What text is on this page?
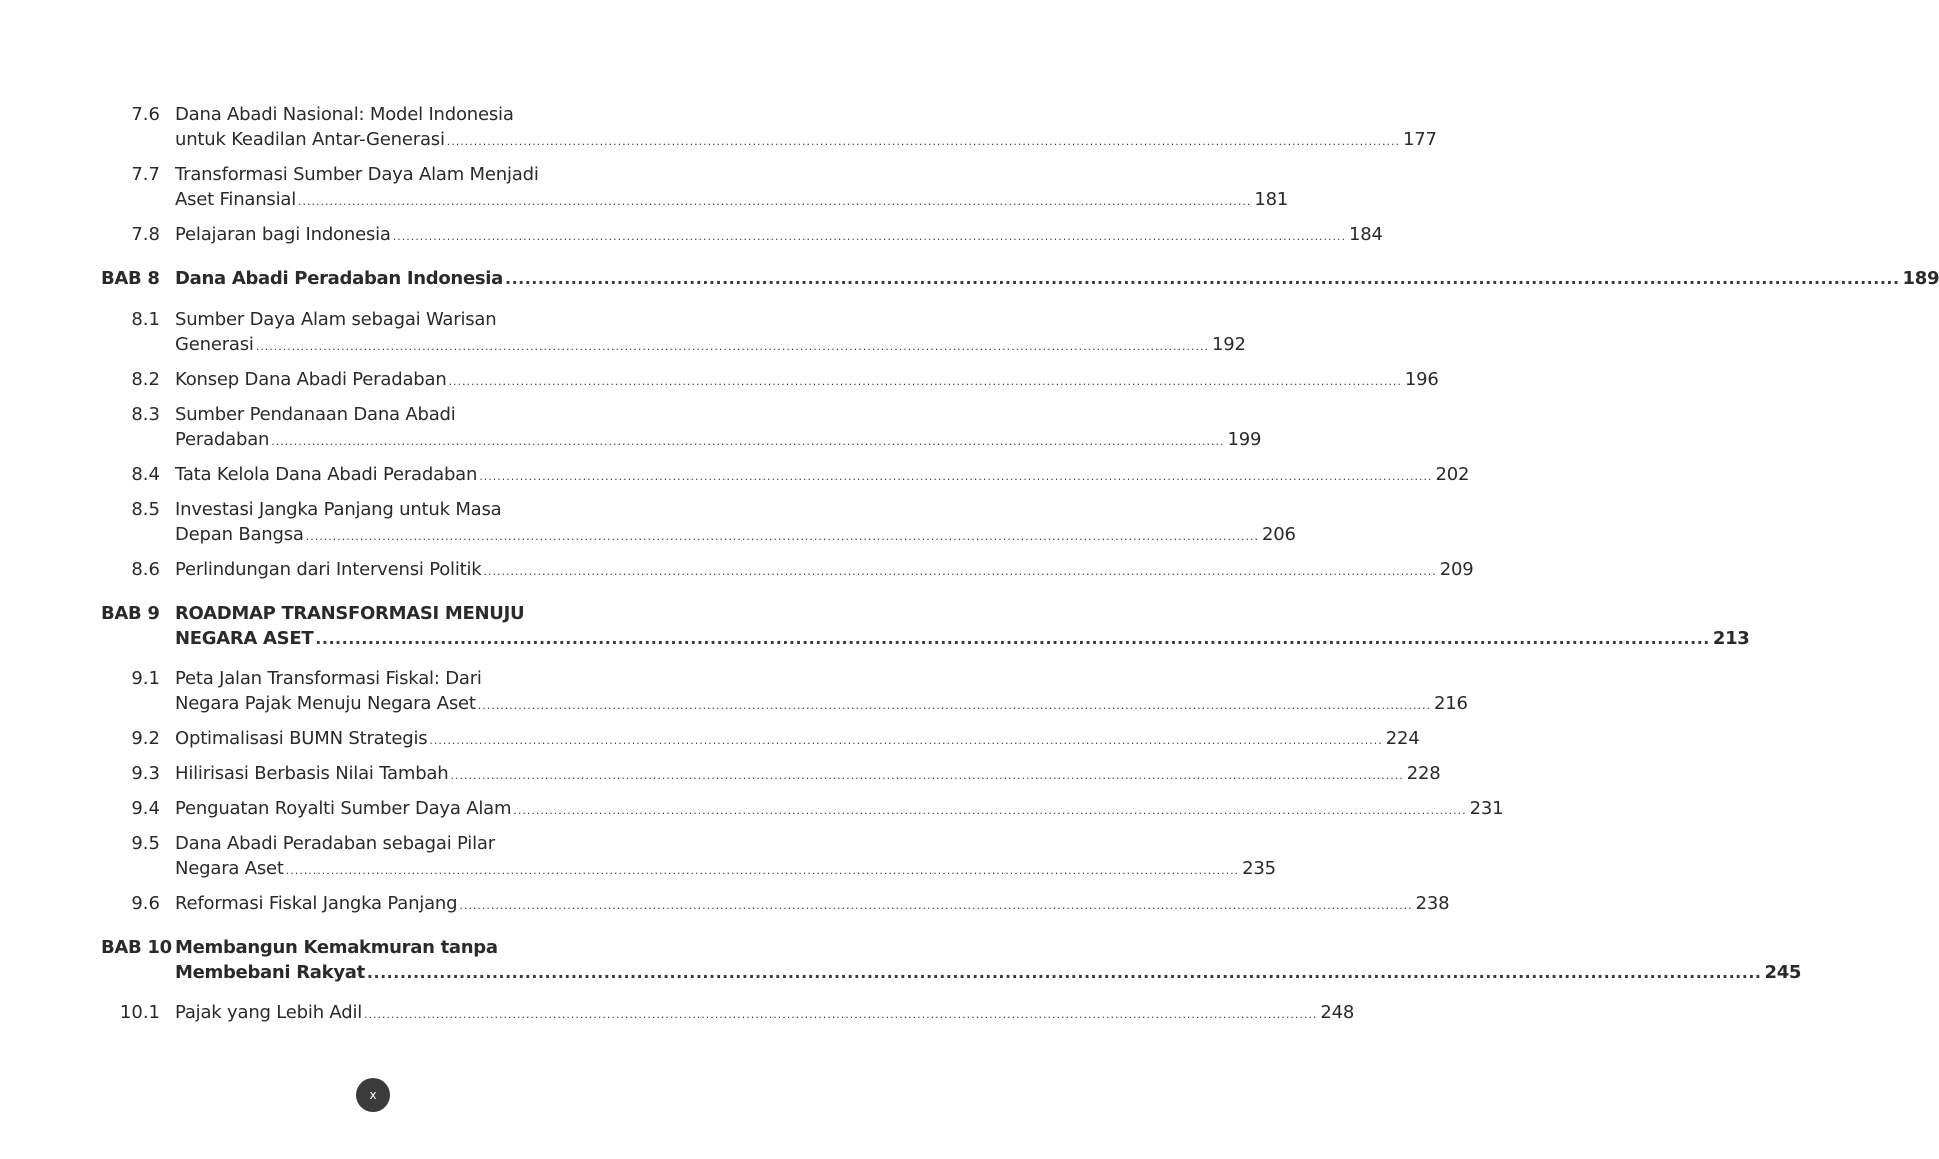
7.6 Dana Abadi Nasional: Model Indonesia
untuk Keadilan Antar-Generasi .................................................................................................................................................................................................................... 177
7.7 Transformasi Sumber Daya Alam Menjadi
Aset Finansial .................................................................................................................................................................................................................... 181
7.8 Pelajaran bagi Indonesia .................................................................................................................................................................................................................... 184
BAB 8 Dana Abadi Peradaban Indonesia .................................................................................................................................................................................................................... 189
8.1 Sumber Daya Alam sebagai Warisan
Generasi .................................................................................................................................................................................................................... 192
8.2 Konsep Dana Abadi Peradaban .................................................................................................................................................................................................................... 196
8.3 Sumber Pendanaan Dana Abadi
Peradaban .................................................................................................................................................................................................................... 199
8.4 Tata Kelola Dana Abadi Peradaban .................................................................................................................................................................................................................... 202
8.5 Investasi Jangka Panjang untuk Masa
Depan Bangsa .................................................................................................................................................................................................................... 206
8.6 Perlindungan dari Intervensi Politik .................................................................................................................................................................................................................... 209
BAB 9 ROADMAP TRANSFORMASI MENUJU
NEGARA ASET .................................................................................................................................................................................................................... 213
9.1 Peta Jalan Transformasi Fiskal: Dari
Negara Pajak Menuju Negara Aset .................................................................................................................................................................................................................... 216
9.2 Optimalisasi BUMN Strategis .................................................................................................................................................................................................................... 224
9.3 Hilirisasi Berbasis Nilai Tambah .................................................................................................................................................................................................................... 228
9.4 Penguatan Royalti Sumber Daya Alam .................................................................................................................................................................................................................... 231
9.5 Dana Abadi Peradaban sebagai Pilar
Negara Aset .................................................................................................................................................................................................................... 235
9.6 Reformasi Fiskal Jangka Panjang .................................................................................................................................................................................................................... 238
BAB 10 Membangun Kemakmuran tanpa
Membebani Rakyat .................................................................................................................................................................................................................... 245
10.1 Pajak yang Lebih Adil .................................................................................................................................................................................................................... 248
x
